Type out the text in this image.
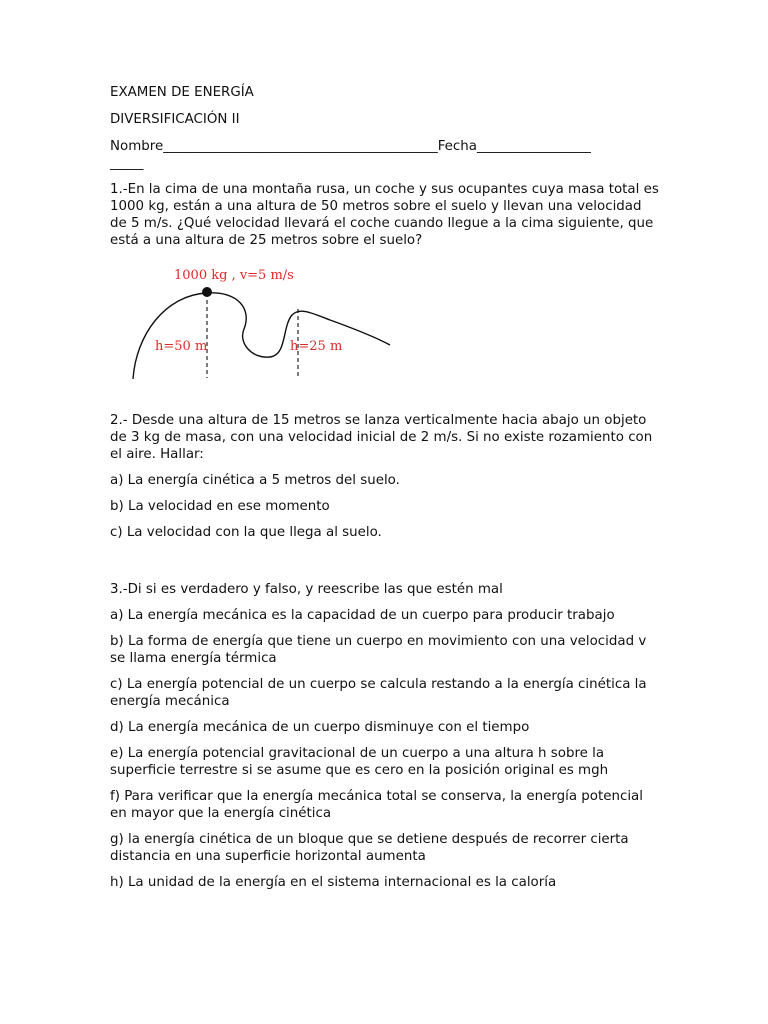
EXAMEN DE ENERGÍA

DIVERSIFICACIÓN II

Nombre_________________________________________Fecha_________________

_____

1.-En la cima de una montaña rusa, un coche y sus ocupantes cuya masa total es 1000 kg, están a una altura de 50 metros sobre el suelo y llevan una velocidad de 5 m/s. ¿Qué velocidad llevará el coche cuando llegue a la cima siguiente, que está a una altura de 25 metros sobre el suelo?

1000 kg , v=5 m/s
h=50 m	h=25 m

2.- Desde una altura de 15 metros se lanza verticalmente hacia abajo un objeto de 3 kg de masa, con una velocidad inicial de 2 m/s. Si no existe rozamiento con el aire. Hallar:

a) La energía cinética a 5 metros del suelo.

b) La velocidad en ese momento

c) La velocidad con la que llega al suelo.

3.-Di si es verdadero y falso, y reescribe las que estén mal

a) La energía mecánica es la capacidad de un cuerpo para producir trabajo

b) La forma de energía que tiene un cuerpo en movimiento con una velocidad v se llama energía térmica

c) La energía potencial de un cuerpo se calcula restando a la energía cinética la energía mecánica

d) La energía mecánica de un cuerpo disminuye con el tiempo

e) La energía potencial gravitacional de un cuerpo a una altura h sobre la superficie terrestre si se asume que es cero en la posición original es mgh

f) Para verificar que la energía mecánica total se conserva, la energía potencial en mayor que la energía cinética

g) la energía cinética de un bloque que se detiene después de recorrer cierta distancia en una superficie horizontal aumenta

h) La unidad de la energía en el sistema internacional es la caloría
